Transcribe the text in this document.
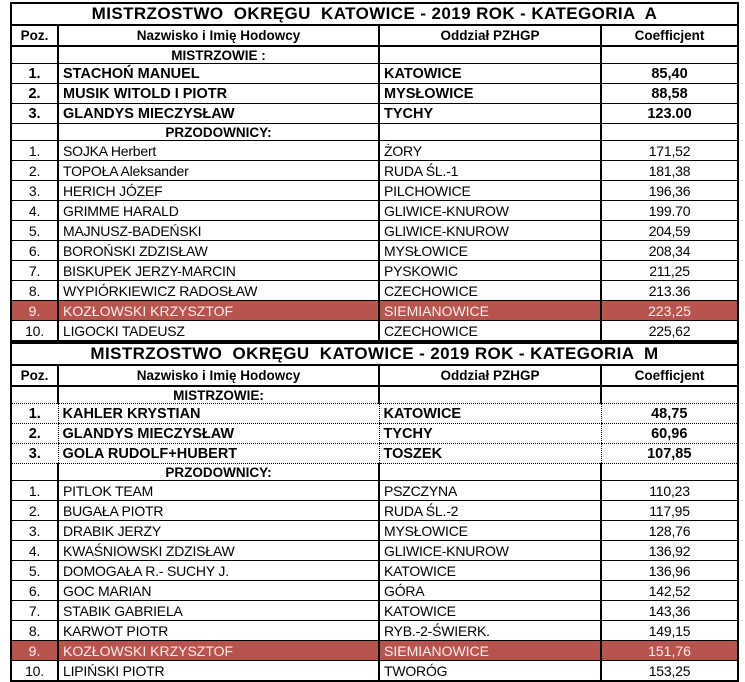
MISTRZOSTWO  OKRĘGU  KATOWICE - 2019 ROK - KATEGORIA  A			
Poz.	Nazwisko i Imię Hodowcy	Oddział PZHGP	Coefficjent
	MISTRZOWIE :		
1.	STACHOŃ MANUEL	KATOWICE	85,40
2.	MUSIK WITOLD I PIOTR	MYSŁOWICE	88,58
3.	GLANDYS MIECZYSŁAW	TYCHY	123.00
	PRZODOWNICY:		
1.	SOJKA Herbert	ŻORY	171,52
2.	TOPOŁA Aleksander	RUDA ŚL.-1	181,38
3.	HERICH JÓZEF	PILCHOWICE	196,36
4.	GRIMME HARALD	GLIWICE-KNUROW	199.70
5.	MAJNUSZ-BADEŃSKI	GLIWICE-KNUROW	204,59
6.	BOROŃSKI ZDZISŁAW	MYSŁOWICE	208,34
7.	BISKUPEK JERZY-MARCIN	PYSKOWIC	211,25
8.	WYPIÓRKIEWICZ RADOSŁAW	CZECHOWICE	213.36
9.	KOZŁOWSKI KRZYSZTOF	SIEMIANOWICE	223,25
10.	LIGOCKI TADEUSZ	CZECHOWICE	225,62
MISTRZOSTWO  OKRĘGU  KATOWICE - 2019 ROK - KATEGORIA  M			
Poz.	Nazwisko i Imię Hodowcy	Oddział PZHGP	Coefficjent
	MISTRZOWIE:		
1.	KAHLER KRYSTIAN	KATOWICE	48,75
2.	GLANDYS MIECZYSŁAW	TYCHY	60,96
3.	GOLA RUDOLF+HUBERT	TOSZEK	107,85
	PRZODOWNICY:		
1.	PITLOK TEAM	PSZCZYNA	110,23
2.	BUGAŁA PIOTR	RUDA ŚL.-2	117,95
3.	DRABIK JERZY	MYSŁOWICE	128,76
4.	KWAŚNIOWSKI ZDZISŁAW	GLIWICE-KNUROW	136,92
5.	DOMOGAŁA R.- SUCHY J.	KATOWICE	136,96
6.	GOC MARIAN	GÓRA	142,52
7.	STABIK GABRIELA	KATOWICE	143,36
8.	KARWOT PIOTR	RYB.-2-ŚWIERK.	149,15
9.	KOZŁOWSKI KRZYSZTOF	SIEMIANOWICE	151,76
10.	LIPIŃSKI PIOTR	TWORÓG	153,25
